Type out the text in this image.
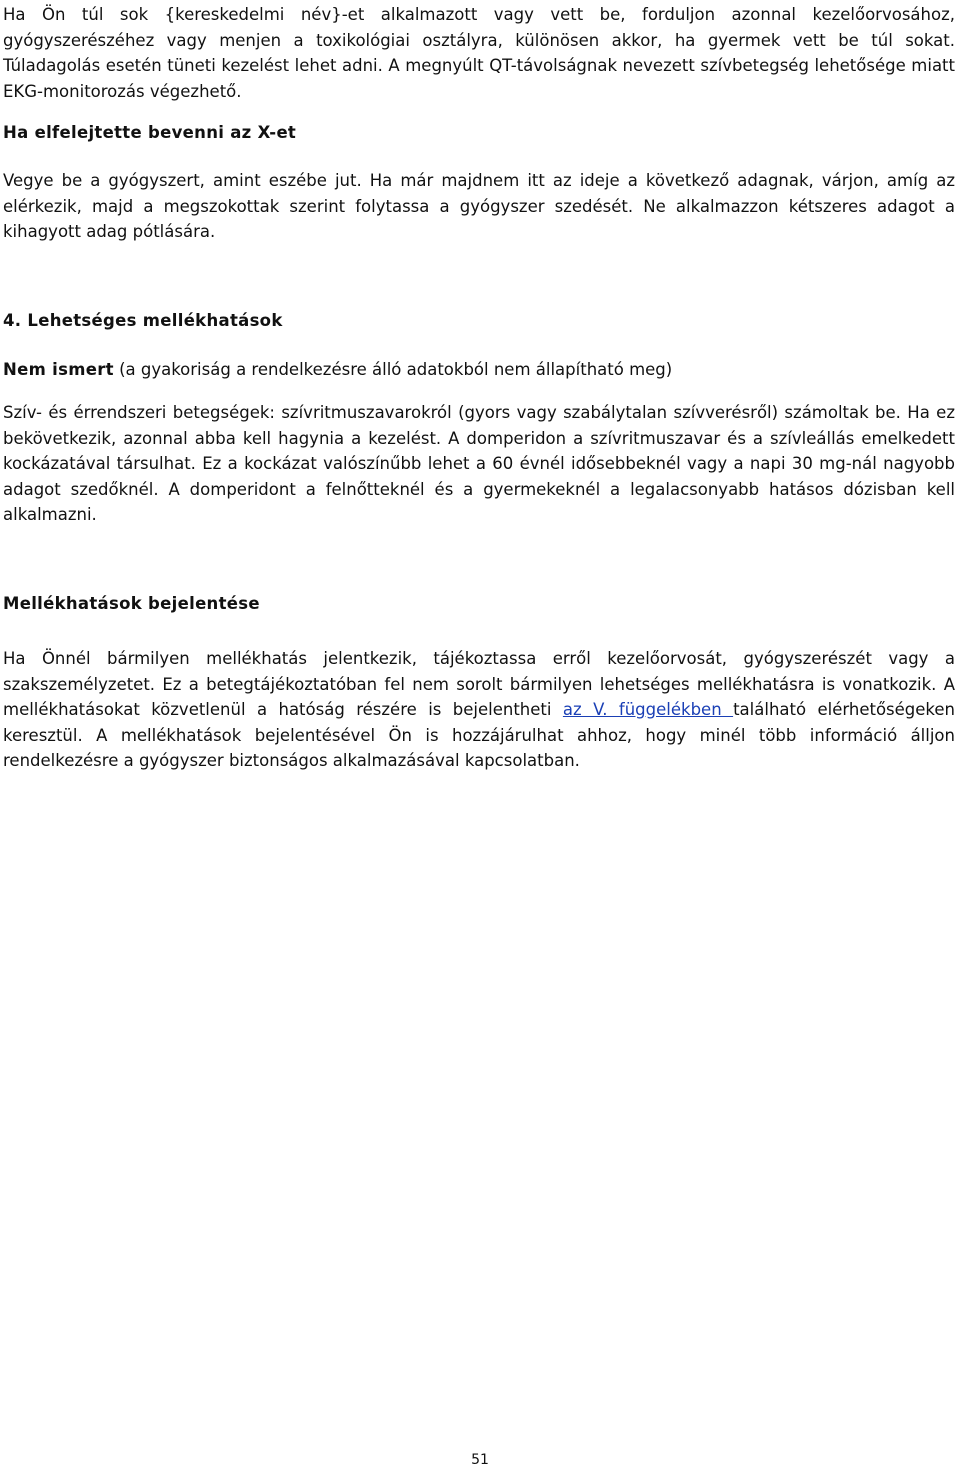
Ha Ön túl sok {kereskedelmi név}-et alkalmazott vagy vett be, forduljon azonnal kezelőorvosához, gyógyszerészéhez vagy menjen a toxikológiai osztályra, különösen akkor, ha gyermek vett be túl sokat. Túladagolás esetén tüneti kezelést lehet adni. A megnyúlt QT-távolságnak nevezett szívbetegség lehetősége miatt EKG-monitorozás végezhető.

Ha elfelejtette bevenni az X-et

Vegye be a gyógyszert, amint eszébe jut. Ha már majdnem itt az ideje a következő adagnak, várjon, amíg az elérkezik, majd a megszokottak szerint folytassa a gyógyszer szedését. Ne alkalmazzon kétszeres adagot a kihagyott adag pótlására.

4. Lehetséges mellékhatások

Nem ismert (a gyakoriság a rendelkezésre álló adatokból nem állapítható meg)

Szív- és érrendszeri betegségek: szívritmuszavarokról (gyors vagy szabálytalan szívverésről) számoltak be. Ha ez bekövetkezik, azonnal abba kell hagynia a kezelést. A domperidon a szívritmuszavar és a szívleállás emelkedett kockázatával társulhat. Ez a kockázat valószínűbb lehet a 60 évnél idősebbeknél vagy a napi 30 mg-nál nagyobb adagot szedőknél. A domperidont a felnőtteknél és a gyermekeknél a legalacsonyabb hatásos dózisban kell alkalmazni.

Mellékhatások bejelentése

Ha Önnél bármilyen mellékhatás jelentkezik, tájékoztassa erről kezelőorvosát, gyógyszerészét vagy a szakszemélyzetet. Ez a betegtájékoztatóban fel nem sorolt bármilyen lehetséges mellékhatásra is vonatkozik. A mellékhatásokat közvetlenül a hatóság részére is bejelentheti az V. függelékben található elérhetőségeken keresztül. A mellékhatások bejelentésével Ön is hozzájárulhat ahhoz, hogy minél több információ álljon rendelkezésre a gyógyszer biztonságos alkalmazásával kapcsolatban.

51
